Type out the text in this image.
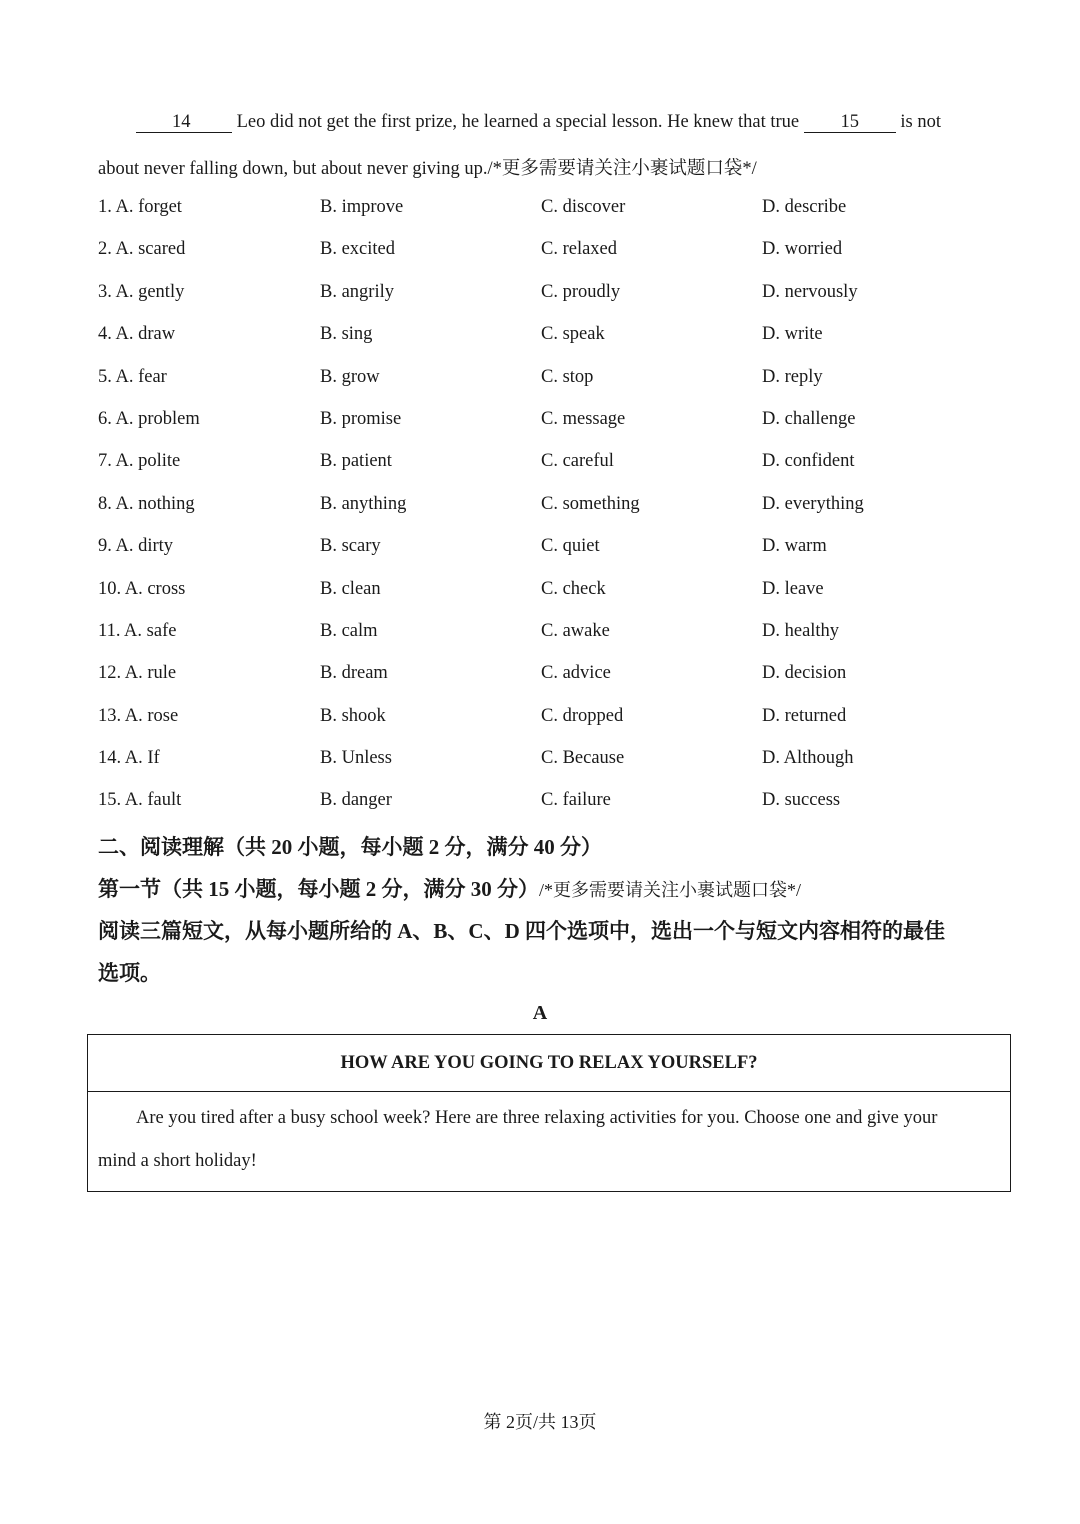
14 Leo did not get the first prize, he learned a special lesson. He knew that true 15 is not
about never falling down, but about never giving up./*更多需要请关注小裹试题口袋*/
1. A. forget	B. improve	C. discover	D. describe
2. A. scared	B. excited	C. relaxed	D. worried
3. A. gently	B. angrily	C. proudly	D. nervously
4. A. draw	B. sing	C. speak	D. write
5. A. fear	B. grow	C. stop	D. reply
6. A. problem	B. promise	C. message	D. challenge
7. A. polite	B. patient	C. careful	D. confident
8. A. nothing	B. anything	C. something	D. everything
9. A. dirty	B. scary	C. quiet	D. warm
10. A. cross	B. clean	C. check	D. leave
11. A. safe	B. calm	C. awake	D. healthy
12. A. rule	B. dream	C. advice	D. decision
13. A. rose	B. shook	C. dropped	D. returned
14. A. If	B. Unless	C. Because	D. Although
15. A. fault	B. danger	C. failure	D. success
二、阅读理解（共 20 小题，每小题 2 分，满分 40 分）
第一节（共 15 小题，每小题 2 分，满分 30 分）/*更多需要请关注小裹试题口袋*/
阅读三篇短文，从每小题所给的 A、B、C、D 四个选项中，选出一个与短文内容相符的最佳
选项。
A
HOW ARE YOU GOING TO RELAX YOURSELF?
Are you tired after a busy school week? Here are three relaxing activities for you. Choose one and give your
mind a short holiday!
第 2页/共 13页
